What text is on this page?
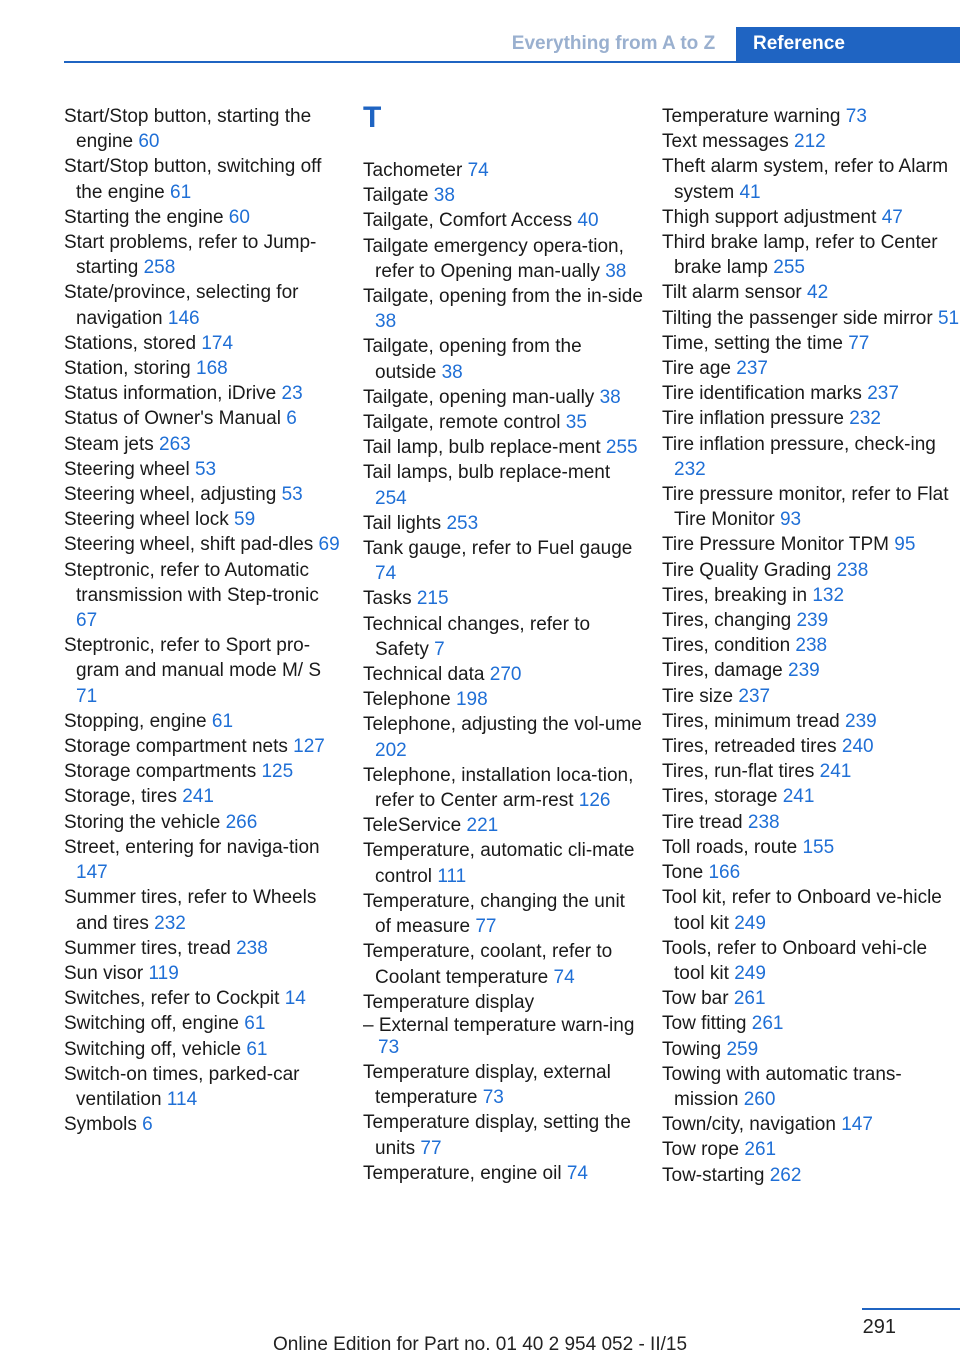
Everything from A to Z	Reference
Start/Stop button, starting the engine 60
Start/Stop button, switching off the engine 61
Starting the engine 60
Start problems, refer to Jump-starting 258
State/province, selecting for navigation 146
Stations, stored 174
Station, storing 168
Status information, iDrive 23
Status of Owner's Manual 6
Steam jets 263
Steering wheel 53
Steering wheel, adjusting 53
Steering wheel lock 59
Steering wheel, shift pad-dles 69
Steptronic, refer to Automatic transmission with Step-tronic 67
Steptronic, refer to Sport pro-gram and manual mode M/ S 71
Stopping, engine 61
Storage compartment nets 127
Storage compartments 125
Storage, tires 241
Storing the vehicle 266
Street, entering for naviga-tion 147
Summer tires, refer to Wheels and tires 232
Summer tires, tread 238
Sun visor 119
Switches, refer to Cockpit 14
Switching off, engine 61
Switching off, vehicle 61
Switch-on times, parked-car ventilation 114
Symbols 6
T
Tachometer 74
Tailgate 38
Tailgate, Comfort Access 40
Tailgate emergency opera-tion, refer to Opening man-ually 38
Tailgate, opening from the in-side 38
Tailgate, opening from the outside 38
Tailgate, opening man-ually 38
Tailgate, remote control 35
Tail lamp, bulb replace-ment 255
Tail lamps, bulb replace-ment 254
Tail lights 253
Tank gauge, refer to Fuel gauge 74
Tasks 215
Technical changes, refer to Safety 7
Technical data 270
Telephone 198
Telephone, adjusting the vol-ume 202
Telephone, installation loca-tion, refer to Center arm-rest 126
TeleService 221
Temperature, automatic cli-mate control 111
Temperature, changing the unit of measure 77
Temperature, coolant, refer to Coolant temperature 74
Temperature display
– External temperature warn-ing 73
Temperature display, external temperature 73
Temperature display, setting the units 77
Temperature, engine oil 74
Temperature warning 73
Text messages 212
Theft alarm system, refer to Alarm system 41
Thigh support adjustment 47
Third brake lamp, refer to Center brake lamp 255
Tilt alarm sensor 42
Tilting the passenger side mirror 51
Time, setting the time 77
Tire age 237
Tire identification marks 237
Tire inflation pressure 232
Tire inflation pressure, check-ing 232
Tire pressure monitor, refer to Flat Tire Monitor 93
Tire Pressure Monitor TPM 95
Tire Quality Grading 238
Tires, breaking in 132
Tires, changing 239
Tires, condition 238
Tires, damage 239
Tire size 237
Tires, minimum tread 239
Tires, retreaded tires 240
Tires, run-flat tires 241
Tires, storage 241
Tire tread 238
Toll roads, route 155
Tone 166
Tool kit, refer to Onboard ve-hicle tool kit 249
Tools, refer to Onboard vehi-cle tool kit 249
Tow bar 261
Tow fitting 261
Towing 259
Towing with automatic trans-mission 260
Town/city, navigation 147
Tow rope 261
Tow-starting 262
291
Online Edition for Part no. 01 40 2 954 052 - II/15
